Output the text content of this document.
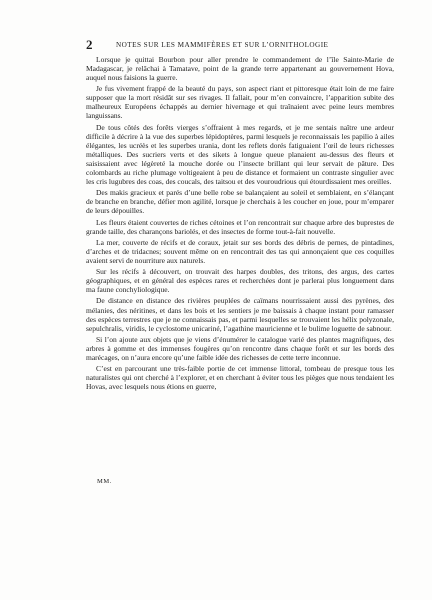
2	NOTES SUR LES MAMMIFÈRES ET SUR L’ORNITHOLOGIE

Lorsque je quittai Bourbon pour aller prendre le commandement de l’île Sainte-Marie de Madagascar, je relâchai à Tamatave, point de la grande terre appartenant au gouvernement Hova, auquel nous faisions la guerre.

Je fus vivement frappé de la beauté du pays, son aspect riant et pittoresque était loin de me faire supposer que la mort résidât sur ses rivages. Il fallait, pour m’en convaincre, l’apparition subite des malheureux Européens échappés au dernier hivernage et qui traînaient avec peine leurs membres languissans.

De tous côtés des forêts vierges s’offraient à mes regards, et je me sentais naître une ardeur difficile à décrire à la vue des superbes lépidoptères, parmi lesquels je reconnaissais les papilio à ailes élégantes, les ucréès et les superbes urania, dont les reflets dorés fatiguaient l’œil de leurs richesses métalliques. Des sucriers verts et des sikets à longue queue planaient au-dessus des fleurs et saisissaient avec légèreté la mouche dorée ou l’insecte brillant qui leur servait de pâture. Des colombards au riche plumage voltigeaient à peu de distance et formaient un contraste singulier avec les cris lugubres des coas, des coucals, des taitsou et des vouroudrious qui étourdissaient mes oreilles.

Des makis gracieux et parés d’une belle robe se balançaient au soleil et semblaient, en s’élançant de branche en branche, défier mon agilité, lorsque je cherchais à les coucher en joue, pour m’emparer de leurs dépouilles.

Les fleurs étaient couvertes de riches cétoines et l’on rencontrait sur chaque arbre des buprestes de grande taille, des charançons bariolés, et des insectes de forme tout-à-fait nouvelle.

La mer, couverte de récifs et de coraux, jetait sur ses bords des débris de pernes, de pintadines, d’arches et de tridacnes; souvent même on en rencontrait des tas qui annonçaient que ces coquilles avaient servi de nourriture aux naturels.

Sur les récifs à découvert, on trouvait des harpes doubles, des tritons, des argus, des cartes géographiques, et en général des espèces rares et recherchées dont je parlerai plus longuement dans ma faune conchyliologique.

De distance en distance des rivières peuplées de caïmans nourrissaient aussi des pyrènes, des mélanies, des néritines, et dans les bois et les sentiers je me baissais à chaque instant pour ramasser des espèces terrestres que je ne connaissais pas, et parmi lesquelles se trouvaient les hélix polyzonale, sepulchralis, viridis, le cyclostome unicariné, l’agathine mauricienne et le bulime loguette de sabnour.

Si l’on ajoute aux objets que je viens d’énumérer le catalogue varié des plantes magnifiques, des arbres à gomme et des immenses fougères qu’on rencontre dans chaque forêt et sur les bords des marécages, on n’aura encore qu’une faible idée des richesses de cette terre inconnue.

C’est en parcourant une très-faible portie de cet immense littoral, tombeau de presque tous les naturalistes qui ont cherché à l’explorer, et en cherchant à éviter tous les pièges que nous tendaient les Hovas, avec lesquels nous étions en guerre,

MM.
